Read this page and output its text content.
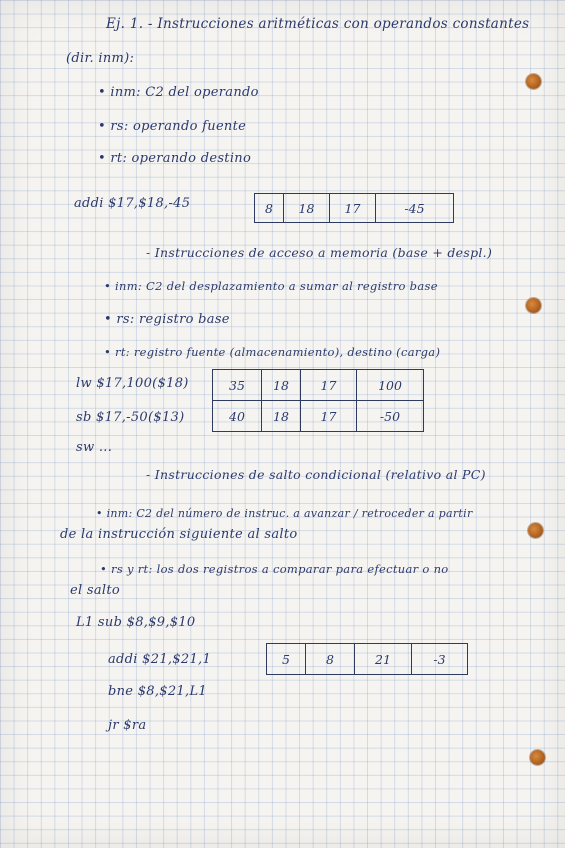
Ej. 1. - Instrucciones aritméticas con operandos constantes
(dir. inm):
• inm: C2 del operando
• rs: operando fuente
• rt: operando destino
addi $17,$18,-45	8	18	17	-45
- Instrucciones de acceso a memoria (base + despl.)
• inm: C2 del desplazamiento a sumar al registro base
• rs: registro base
• rt: registro fuente (almacenamiento), destino (carga)
lw $17,100($18)
sb $17,-50($13)
sw ...
35	18	17	100
40	18	17	-50
- Instrucciones de salto condicional (relativo al PC)
• inm: C2 del número de instruc. a avanzar / retroceder a partir
de la instrucción siguiente al salto
• rs y rt: los dos registros a comparar para efectuar o no
el salto
L1 sub $8,$9,$10
addi $21,$21,1
bne $8,$21,L1
jr $ra
5	8	21	-3
